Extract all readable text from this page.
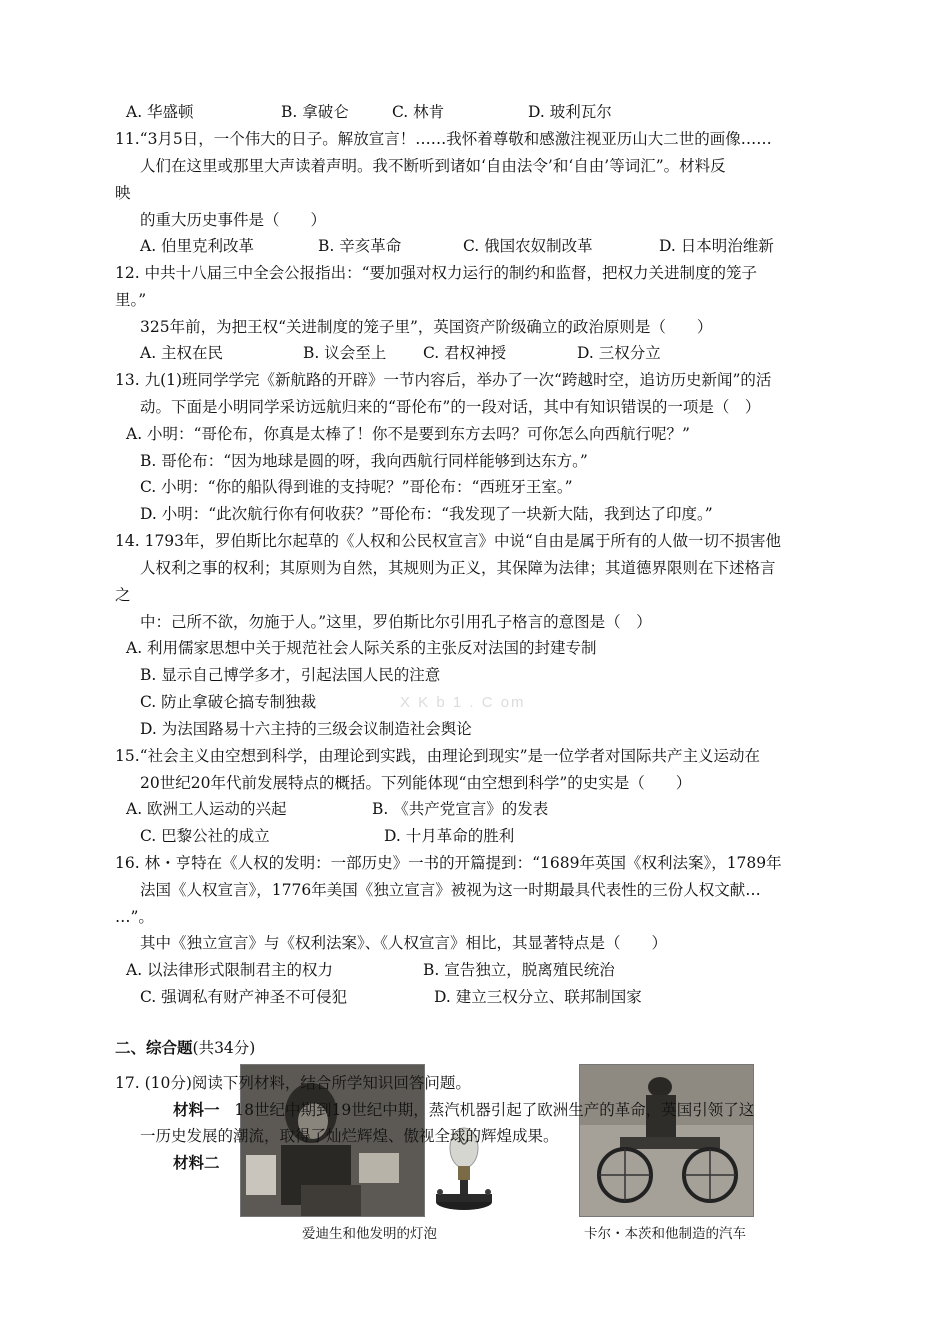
A. 华盛顿	B. 拿破仑	C. 林肯	D. 玻利瓦尔
11.“3月5日，一个伟大的日子。解放宣言！……我怀着尊敬和感激注视亚历山大二世的画像……
人们在这里或那里大声读着声明。我不断听到诸如‘自由法令’和‘自由’等词汇”。材料反
映
的重大历史事件是（　　）
A. 伯里克利改革	B. 辛亥革命	C. 俄国农奴制改革	D. 日本明治维新
12. 中共十八届三中全会公报指出：“要加强对权力运行的制约和监督，把权力关进制度的笼子
里。”
325年前，为把王权“关进制度的笼子里”，英国资产阶级确立的政治原则是（　　）
A. 主权在民	B. 议会至上 C. 君权神授	D. 三权分立
13. 九(1)班同学学完《新航路的开辟》一节内容后，举办了一次“跨越时空，追访历史新闻”的活
动。下面是小明同学采访远航归来的“哥伦布”的一段对话，其中有知识错误的一项是（　）
A. 小明：“哥伦布，你真是太棒了！你不是要到东方去吗？可你怎么向西航行呢？”
B. 哥伦布：“因为地球是圆的呀，我向西航行同样能够到达东方。”
C. 小明：“你的船队得到谁的支持呢？”哥伦布：“西班牙王室。”
D. 小明：“此次航行你有何收获？”哥伦布：“我发现了一块新大陆，我到达了印度。”
14. 1793年，罗伯斯比尔起草的《人权和公民权宣言》中说“自由是属于所有的人做一切不损害他
人权利之事的权利；其原则为自然，其规则为正义，其保障为法律；其道德界限则在下述格言
之
中：己所不欲，勿施于人。”这里，罗伯斯比尔引用孔子格言的意图是（　）
A. 利用儒家思想中关于规范社会人际关系的主张反对法国的封建专制
B. 显示自己博学多才，引起法国人民的注意
C. 防止拿破仑搞专制独裁	X K b 1 . C om
D. 为法国路易十六主持的三级会议制造社会舆论
15.“社会主义由空想到科学，由理论到实践，由理论到现实”是一位学者对国际共产主义运动在
20世纪20年代前发展特点的概括。下列能体现“由空想到科学”的史实是（　　）
A. 欧洲工人运动的兴起	B. 《共产党宣言》的发表
C. 巴黎公社的成立	D. 十月革命的胜利
16. 林・亨特在《人权的发明：一部历史》一书的开篇提到：“1689年英国《权利法案》，1789年
法国《人权宣言》，1776年美国《独立宣言》被视为这一时期最具代表性的三份人权文献…
…”。
其中《独立宣言》与《权利法案》、《人权宣言》相比，其显著特点是（　　）
A. 以法律形式限制君主的权力	B. 宣告独立，脱离殖民统治
C. 强调私有财产神圣不可侵犯	D. 建立三权分立、联邦制国家
二、综合题(共34分)
17. (10分)阅读下列材料，结合所学知识回答问题。
材料一 18世纪中期到19世纪中期，蒸汽机器引起了欧洲生产的革命，英国引领了这
一历史发展的潮流，取得了灿烂辉煌、傲视全球的辉煌成果。
材料二
爱迪生和他发明的灯泡	卡尔・本茨和他制造的汽车
